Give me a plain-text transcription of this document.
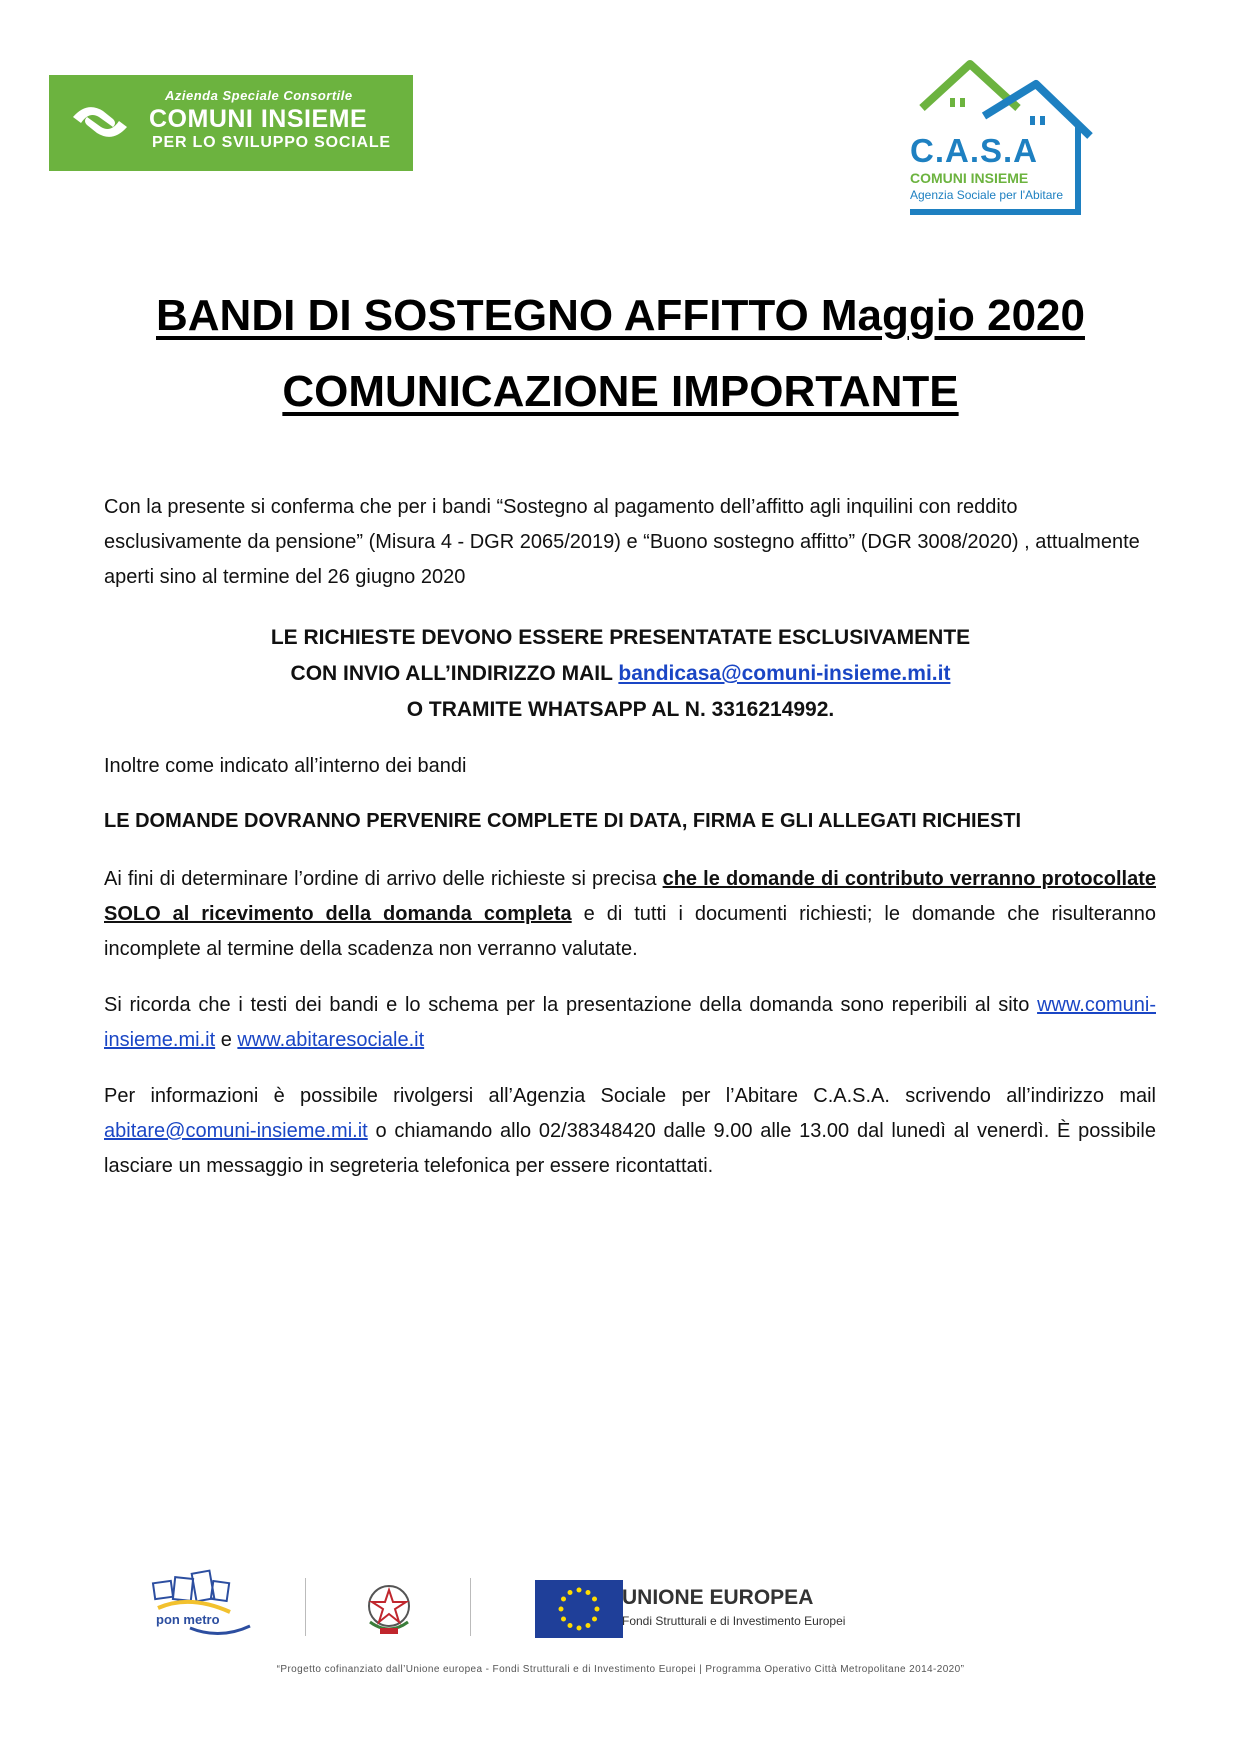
Azienda Speciale Consortile
COMUNI INSIEME
PER LO SVILUPPO SOCIALE	C.A.S.A
COMUNI INSIEME
Agenzia Sociale per l'Abitare
BANDI DI SOSTEGNO AFFITTO Maggio 2020
COMUNICAZIONE IMPORTANTE
Con la presente si conferma che per i bandi “Sostegno al pagamento dell’affitto agli inquilini con reddito esclusivamente da pensione” (Misura 4 - DGR 2065/2019) e “Buono sostegno affitto” (DGR 3008/2020) , attualmente aperti sino al termine del 26 giugno 2020
LE RICHIESTE DEVONO ESSERE PRESENTATATE ESCLUSIVAMENTE
CON INVIO ALL’INDIRIZZO MAIL bandicasa@comuni-insieme.mi.it
O TRAMITE WHATSAPP AL N. 3316214992.
Inoltre come indicato all’interno dei bandi
LE DOMANDE DOVRANNO PERVENIRE COMPLETE DI DATA, FIRMA E GLI ALLEGATI RICHIESTI
Ai fini di determinare l’ordine di arrivo delle richieste si precisa che le domande di contributo verranno protocollate SOLO al ricevimento della domanda completa e di tutti i documenti richiesti; le domande che risulteranno incomplete al termine della scadenza non verranno valutate.
Si ricorda che i testi dei bandi e lo schema per la presentazione della domanda sono reperibili al sito www.comuni-insieme.mi.it e www.abitaresociale.it
Per informazioni è possibile rivolgersi all’Agenzia Sociale per l’Abitare C.A.S.A. scrivendo all’indirizzo mail abitare@comuni-insieme.mi.it o chiamando allo 02/38348420 dalle 9.00 alle 13.00 dal lunedì al venerdì. È possibile lasciare un messaggio in segreteria telefonica per essere ricontattati.
pon metro
UNIONE EUROPEA
Fondi Strutturali e di Investimento Europei
“Progetto cofinanziato dall’Unione europea - Fondi Strutturali e di Investimento Europei | Programma Operativo Città Metropolitane 2014-2020”
